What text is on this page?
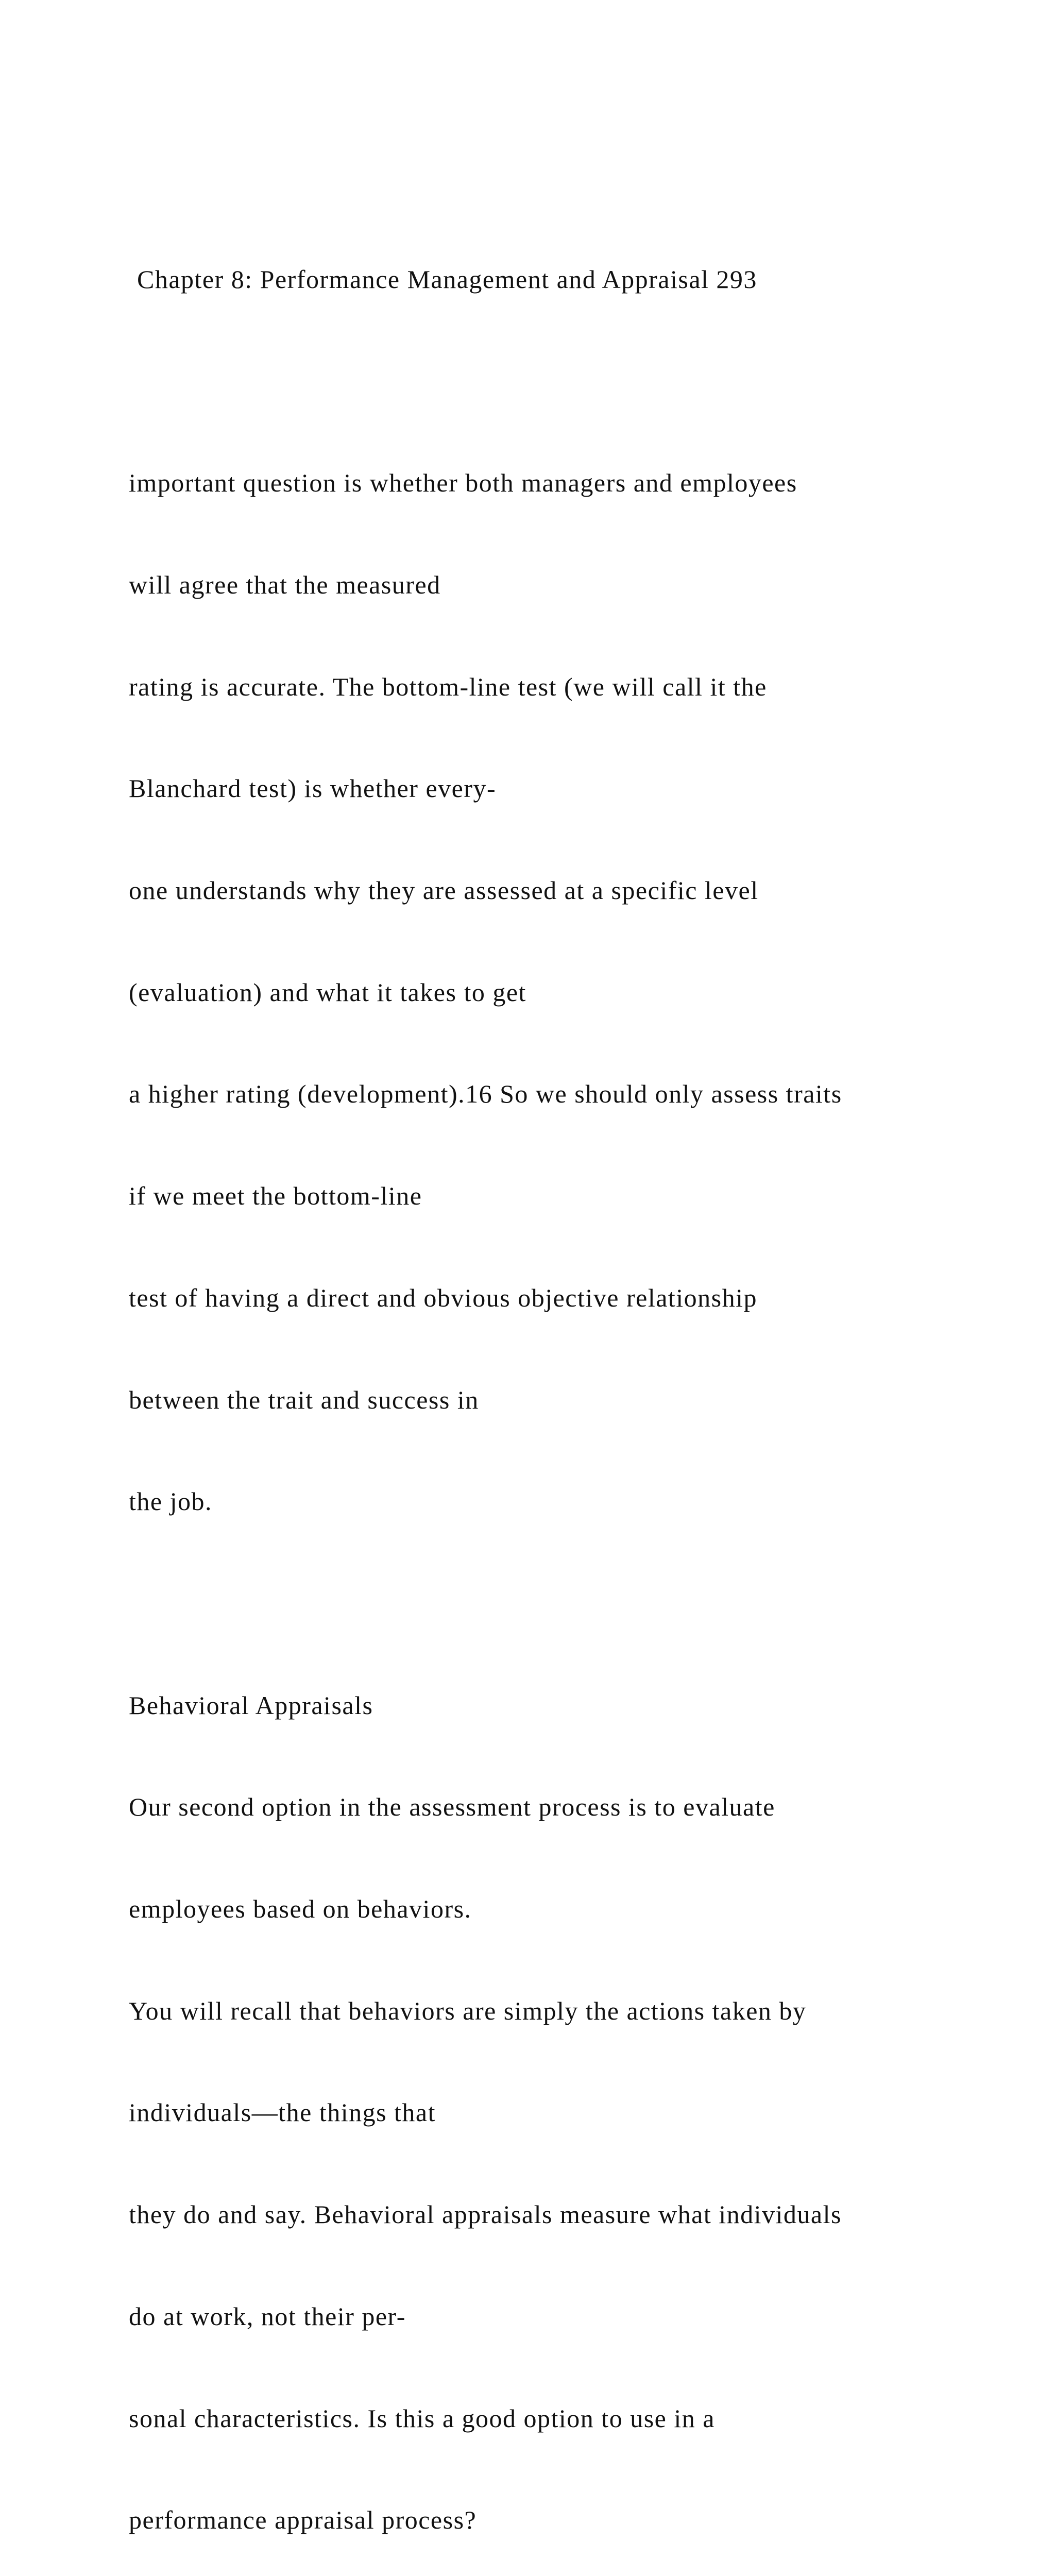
Chapter 8: Performance Management and Appraisal 293

important question is whether both managers and employees

will agree that the measured

rating is accurate. The bottom-line test (we will call it the

Blanchard test) is whether every-

one understands why they are assessed at a specific level

(evaluation) and what it takes to get

a higher rating (development).16 So we should only assess traits

if we meet the bottom-line

test of having a direct and obvious objective relationship

between the trait and success in

the job.

Behavioral Appraisals

Our second option in the assessment process is to evaluate

employees based on behaviors.

You will recall that behaviors are simply the actions taken by

individuals—the things that

they do and say. Behavioral appraisals measure what individuals

do at work, not their per-

sonal characteristics. Is this a good option to use in a

performance appraisal process?
